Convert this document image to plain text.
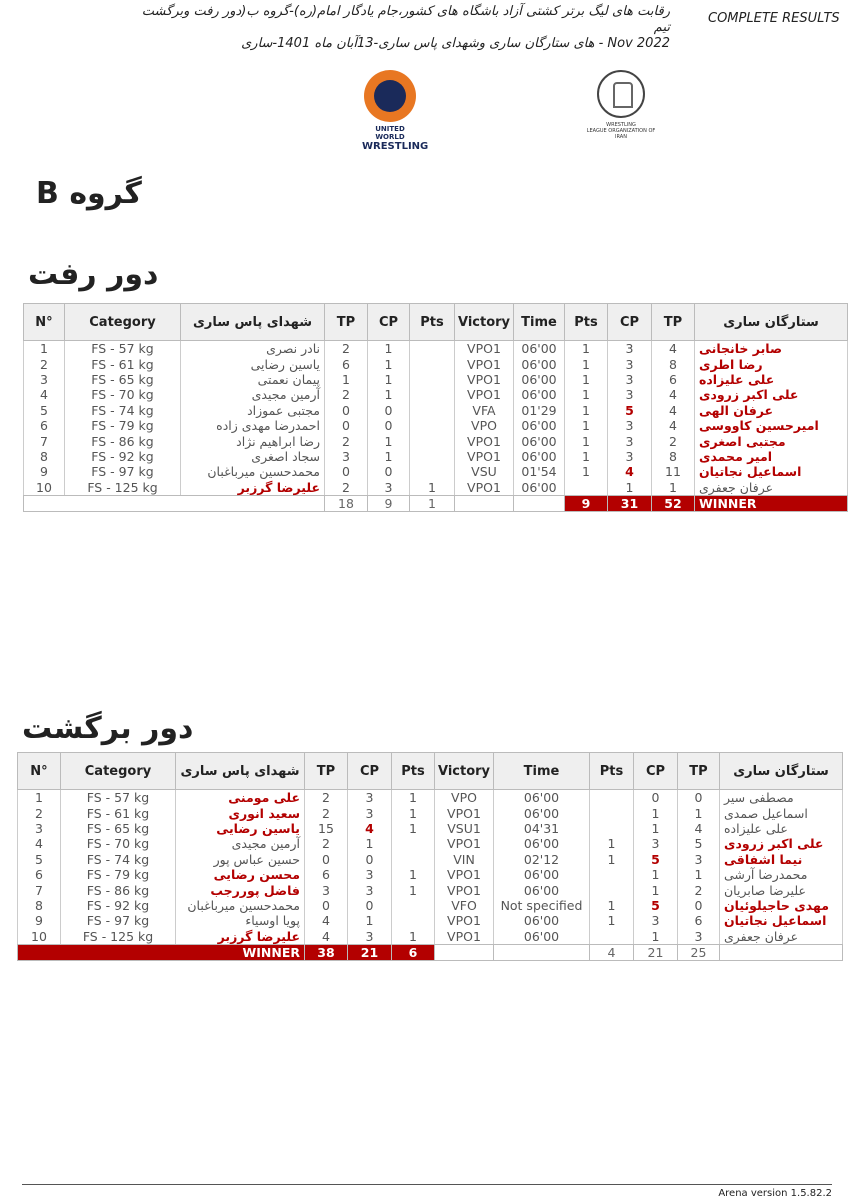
رقابت های لیگ برتر کشتی آزاد باشگاه های کشور،جام یادگار امام(ره)-گروه ب(دور رفت وبرگشت تیم
Nov 2022 - های ستارگان ساری وشهدای پاس ساری-13آبان ماه 1401-ساری
COMPLETE RESULTS
UNITED WORLD
WRESTLING
WRESTLING
LEAGUE ORGANIZATION OF
IRAN
گروه B
دور رفت
دور برگشت
N°	Category	شهدای پاس ساری	TP	CP	Pts	Victory	Time	Pts	CP	TP	ستارگان ساری
1	FS - 57 kg	نادر نصری	2	1		VPO1	06'00	1	3	4	صابر خانجانی
2	FS - 61 kg	یاسین رضایی	6	1		VPO1	06'00	1	3	8	رضا اطری
3	FS - 65 kg	پیمان نعمتی	1	1		VPO1	06'00	1	3	6	علی علیزاده
4	FS - 70 kg	آرمین مجیدی	2	1		VPO1	06'00	1	3	4	علی اکبر زرودی
5	FS - 74 kg	مجتبی عموزاد	0	0		VFA	01'29	1	5	4	عرفان الهی
6	FS - 79 kg	احمدرضا مهدی زاده	0	0		VPO	06'00	1	3	4	امیرحسین کاووسی
7	FS - 86 kg	رضا ابراهیم نژاد	2	1		VPO1	06'00	1	3	2	مجتبی اصغری
8	FS - 92 kg	سجاد اصغری	3	1		VPO1	06'00	1	3	8	امیر محمدی
9	FS - 97 kg	محمدحسین میرباغبان	0	0		VSU	01'54	1	4	11	اسماعیل نجاتیان
10	FS - 125 kg	علیرضا گرزبر	2	3	1	VPO1	06'00		1	1	عرفان جعفری
			18	9	1			9	31	52	WINNER
N°	Category	شهدای پاس ساری	TP	CP	Pts	Victory	Time	Pts	CP	TP	ستارگان ساری
1	FS - 57 kg	علی مومنی	2	3	1	VPO	06'00		0	0	مصطفی سیر
2	FS - 61 kg	سعید انوری	2	3	1	VPO1	06'00		1	1	اسماعیل صمدی
3	FS - 65 kg	یاسین رضایی	15	4	1	VSU1	04'31		1	4	علی علیزاده
4	FS - 70 kg	آرمین مجیدی	2	1		VPO1	06'00	1	3	5	علی اکبر زرودی
5	FS - 74 kg	حسین عباس پور	0	0		VIN	02'12	1	5	3	نیما اشفاقی
6	FS - 79 kg	محسن رضایی	6	3	1	VPO1	06'00		1	1	محمدرضا آرشی
7	FS - 86 kg	فاضل پوررجب	3	3	1	VPO1	06'00		1	2	علیرضا صابریان
8	FS - 92 kg	محمدحسین میرباغبان	0	0		VFO	Not specified	1	5	0	مهدی حاجیلوئیان
9	FS - 97 kg	پویا اوسیاء	4	1		VPO1	06'00	1	3	6	اسماعیل نجاتیان
10	FS - 125 kg	علیرضا گرزبر	4	3	1	VPO1	06'00		1	3	عرفان جعفری
WINNER			38	21	6			4	21	25	
Arena version 1.5.82.2
